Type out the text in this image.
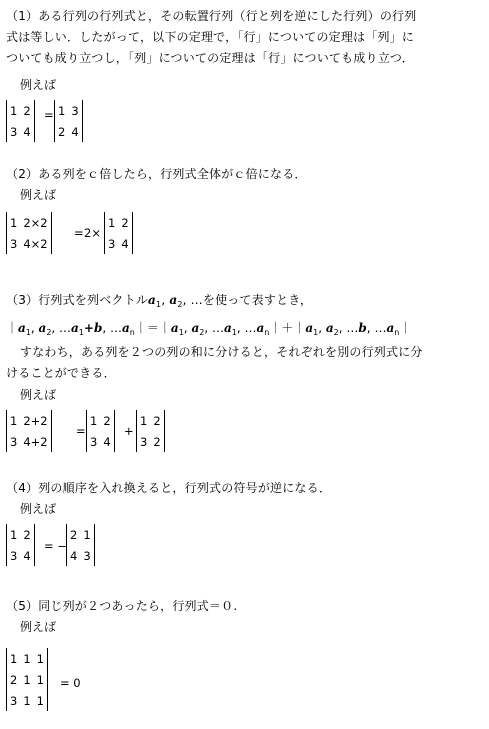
（1）ある行列の行列式と，その転置行列（行と列を逆にした行列）の行列
式は等しい．したがって，以下の定理で，「行」についての定理は「列」に
ついても成り立つし，「列」についての定理は「行」についても成り立つ．
例えば
1	2
3	4
= 1	3
2	4
（2）ある列をｃ倍したら，行列式全体がｃ倍になる．
例えば
1	2×2
3	4×2
= 2×
1	2
3	4
（3）行列式を列ベクトル$a_1$, $a_2$, …を使って表すとき，
$|a_1$, $a_2$, $\dots a_1+b$, $\dots a_n|=|a_1$, $a_2$, $\dots a_1$, $\dots a_n|+|a_1$, $a_2$, …b, $\dots a_n|$
すなわち，ある列を２つの列の和に分けると，それぞれを別の行列式に分
けることができる．
例えば
1	2+2
3	4+2
=
1	2
3	4
+
1	2
3	2
（4）列の順序を入れ換えると，行列式の符号が逆になる．
例えば
1	2
3	4
= −
2	1
4	3
（5）同じ列が２つあったら，行列式＝０.
例えば
1	1	1
2	1	1
3	1	1
= 0
